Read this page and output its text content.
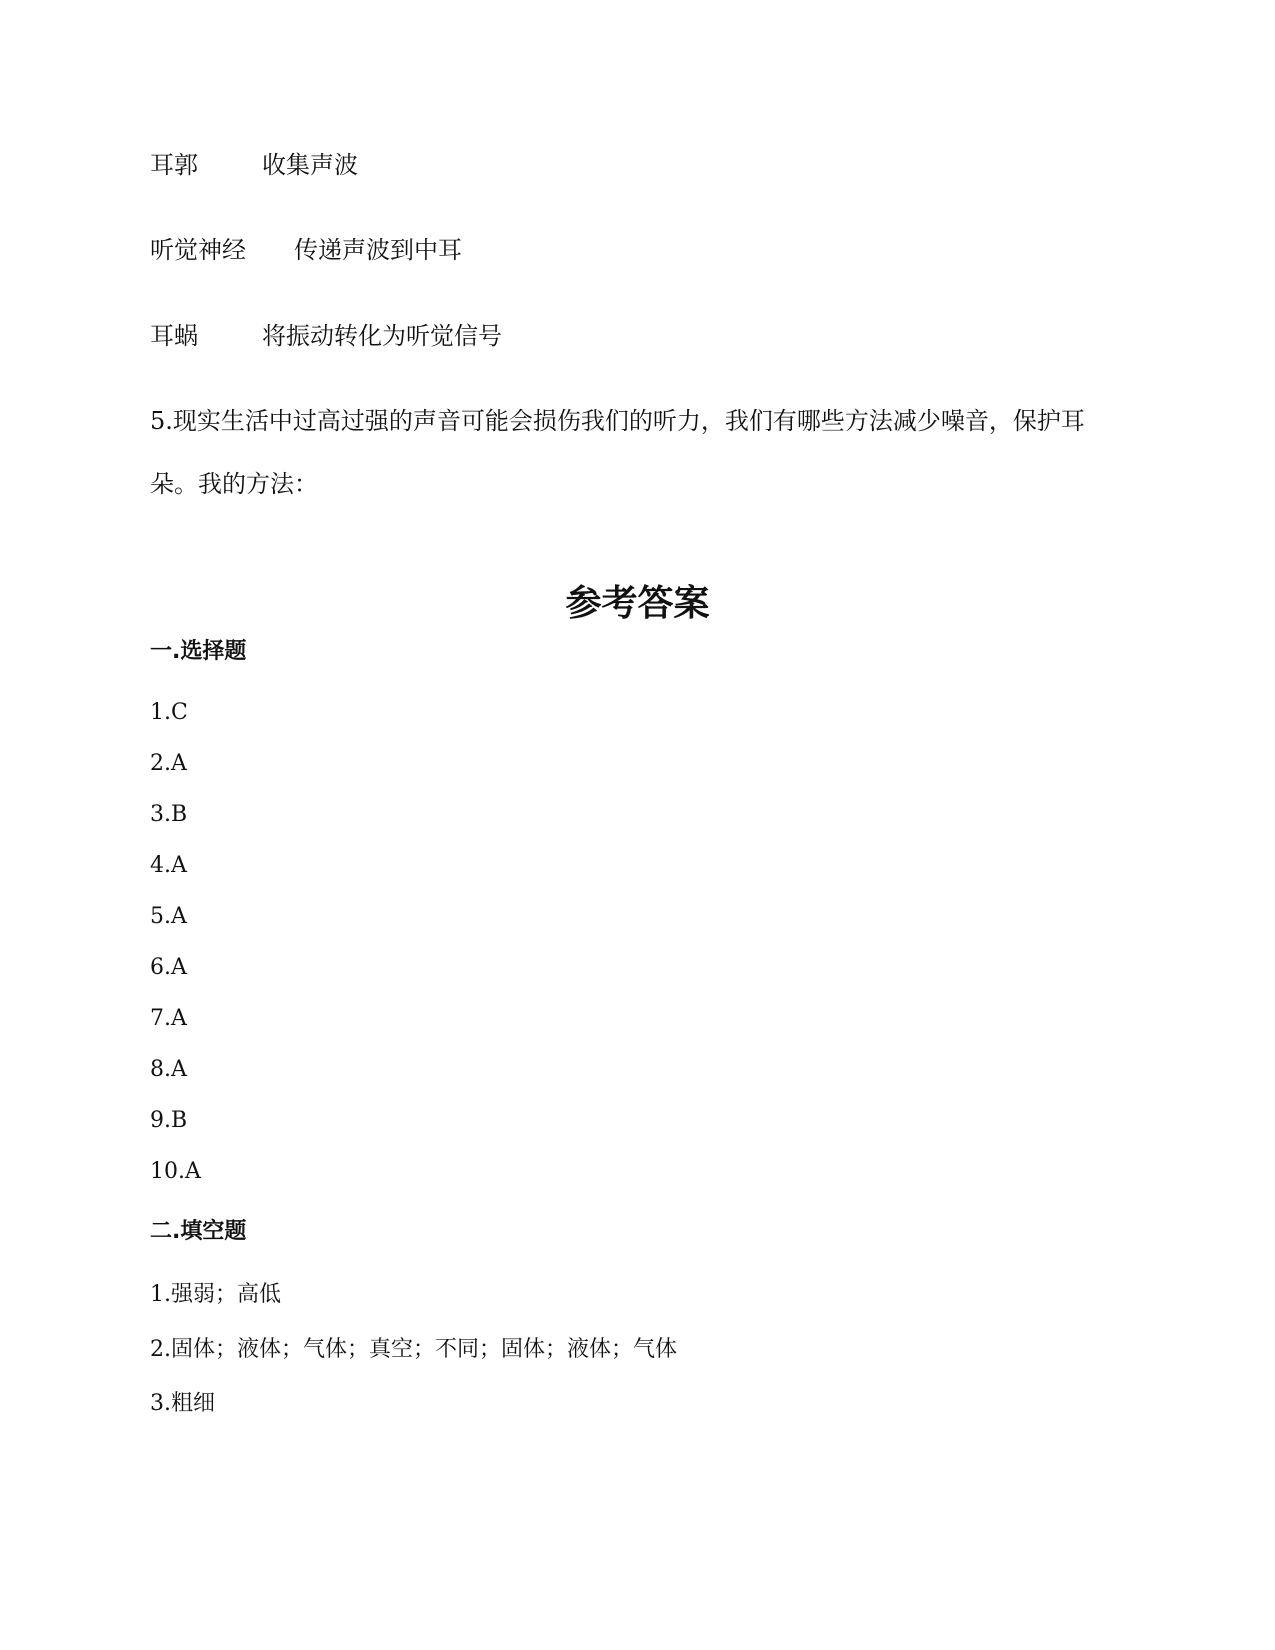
耳郭	收集声波
听觉神经 传递声波到中耳
耳蜗	将振动转化为听觉信号
5.现实生活中过高过强的声音可能会损伤我们的听力，我们有哪些方法减少噪音，保护耳
朵。我的方法：
参考答案
一.选择题
1.C
2.A
3.B
4.A
5.A
6.A
7.A
8.A
9.B
10.A
二.填空题
1.强弱；高低
2.固体；液体；气体；真空；不同；固体；液体；气体
3.粗细
